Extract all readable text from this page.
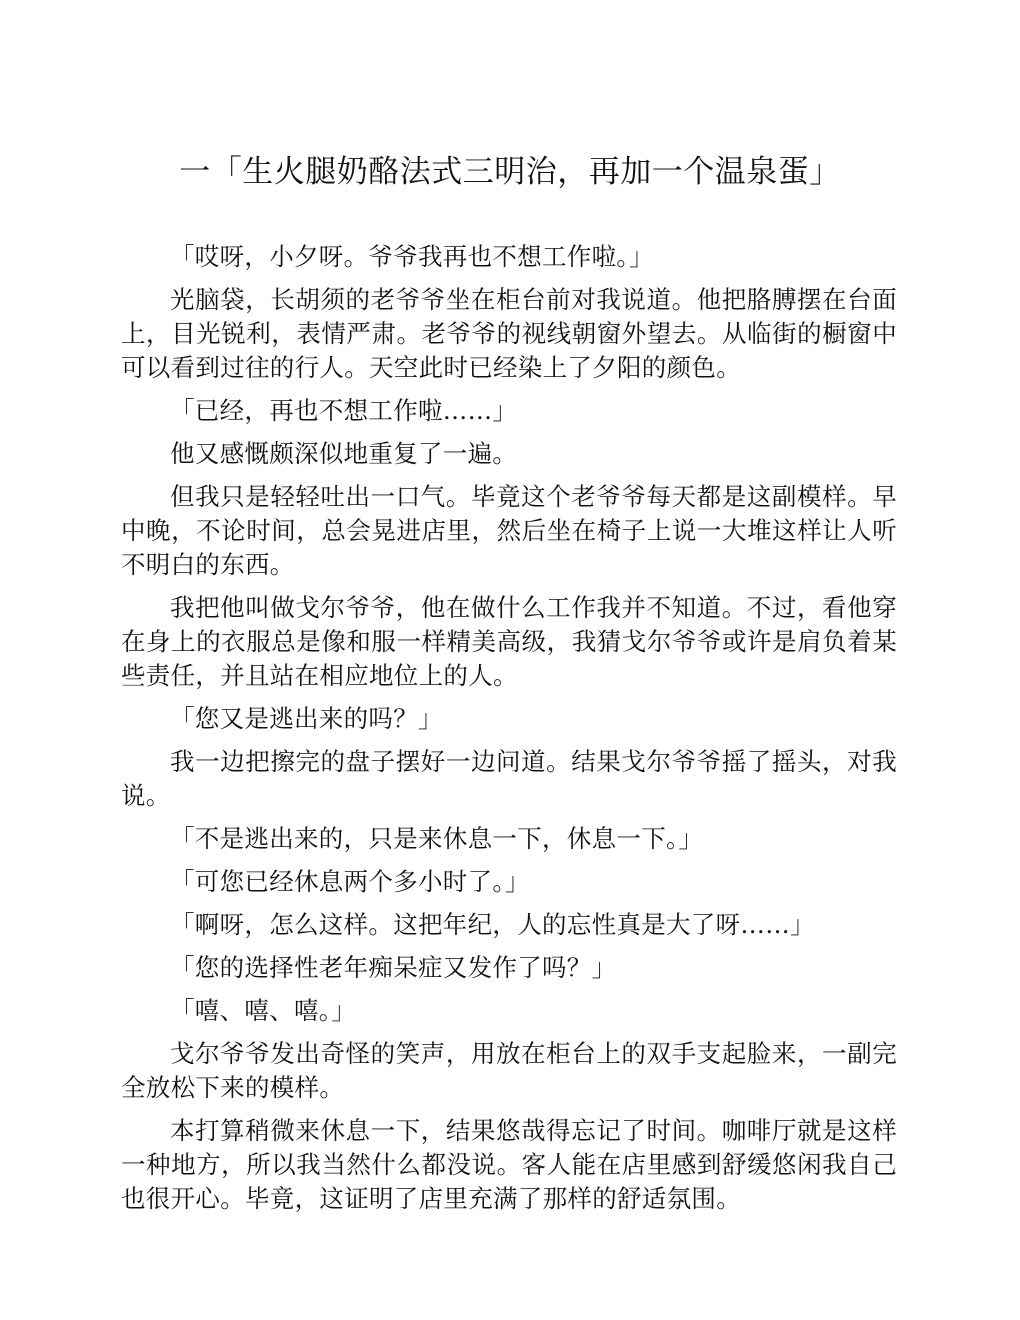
一「生火腿奶酪法式三明治，再加一个温泉蛋」

「哎呀，小夕呀。爷爷我再也不想工作啦。」

光脑袋，长胡须的老爷爷坐在柜台前对我说道。他把胳膊摆在台面上，目光锐利，表情严肃。老爷爷的视线朝窗外望去。从临街的橱窗中可以看到过往的行人。天空此时已经染上了夕阳的颜色。

「已经，再也不想工作啦……」

他又感慨颇深似地重复了一遍。

但我只是轻轻吐出一口气。毕竟这个老爷爷每天都是这副模样。早中晚，不论时间，总会晃进店里，然后坐在椅子上说一大堆这样让人听不明白的东西。

我把他叫做戈尔爷爷，他在做什么工作我并不知道。不过，看他穿在身上的衣服总是像和服一样精美高级，我猜戈尔爷爷或许是肩负着某些责任，并且站在相应地位上的人。

「您又是逃出来的吗？」

我一边把擦完的盘子摆好一边问道。结果戈尔爷爷摇了摇头，对我说。

「不是逃出来的，只是来休息一下，休息一下。」

「可您已经休息两个多小时了。」

「啊呀，怎么这样。这把年纪，人的忘性真是大了呀……」

「您的选择性老年痴呆症又发作了吗？」

「嘻、嘻、嘻。」

戈尔爷爷发出奇怪的笑声，用放在柜台上的双手支起脸来，一副完全放松下来的模样。

本打算稍微来休息一下，结果悠哉得忘记了时间。咖啡厅就是这样一种地方，所以我当然什么都没说。客人能在店里感到舒缓悠闲我自己也很开心。毕竟，这证明了店里充满了那样的舒适氛围。
